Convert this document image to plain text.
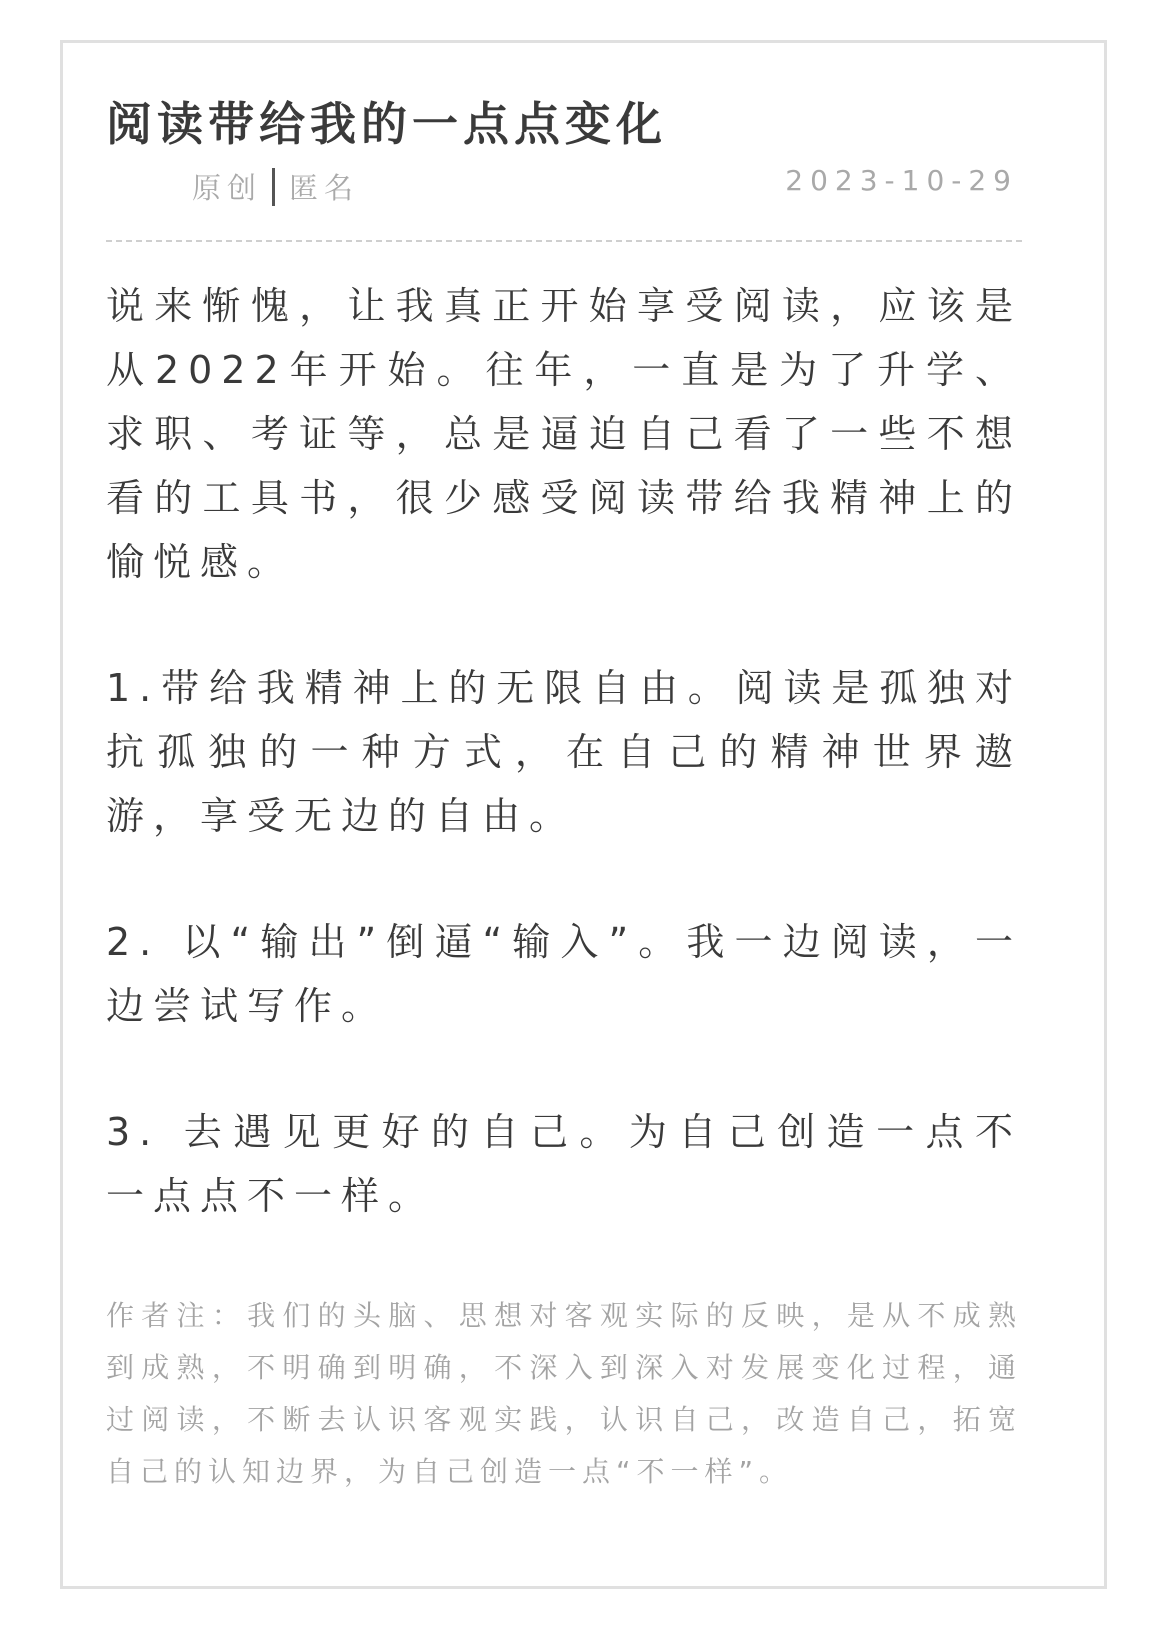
阅读带给我的一点点变化
原创 匿名	2023-10-29
说来惭愧，让我真正开始享受阅读，应该是从2022年开始。往年，一直是为了升学、求职、考证等，总是逼迫自己看了一些不想看的工具书，很少感受阅读带给我精神上的愉悦感。
1.带给我精神上的无限自由。阅读是孤独对抗孤独的一种方式，在自己的精神世界遨游，享受无边的自由。
2. 以“输出”倒逼“输入”。我一边阅读，一边尝试写作。
3. 去遇见更好的自己。为自己创造一点不一点点不一样。
作者注：我们的头脑、思想对客观实际的反映，是从不成熟到成熟，不明确到明确，不深入到深入对发展变化过程，通过阅读，不断去认识客观实践，认识自己，改造自己，拓宽自己的认知边界，为自己创造一点“不一样”。
